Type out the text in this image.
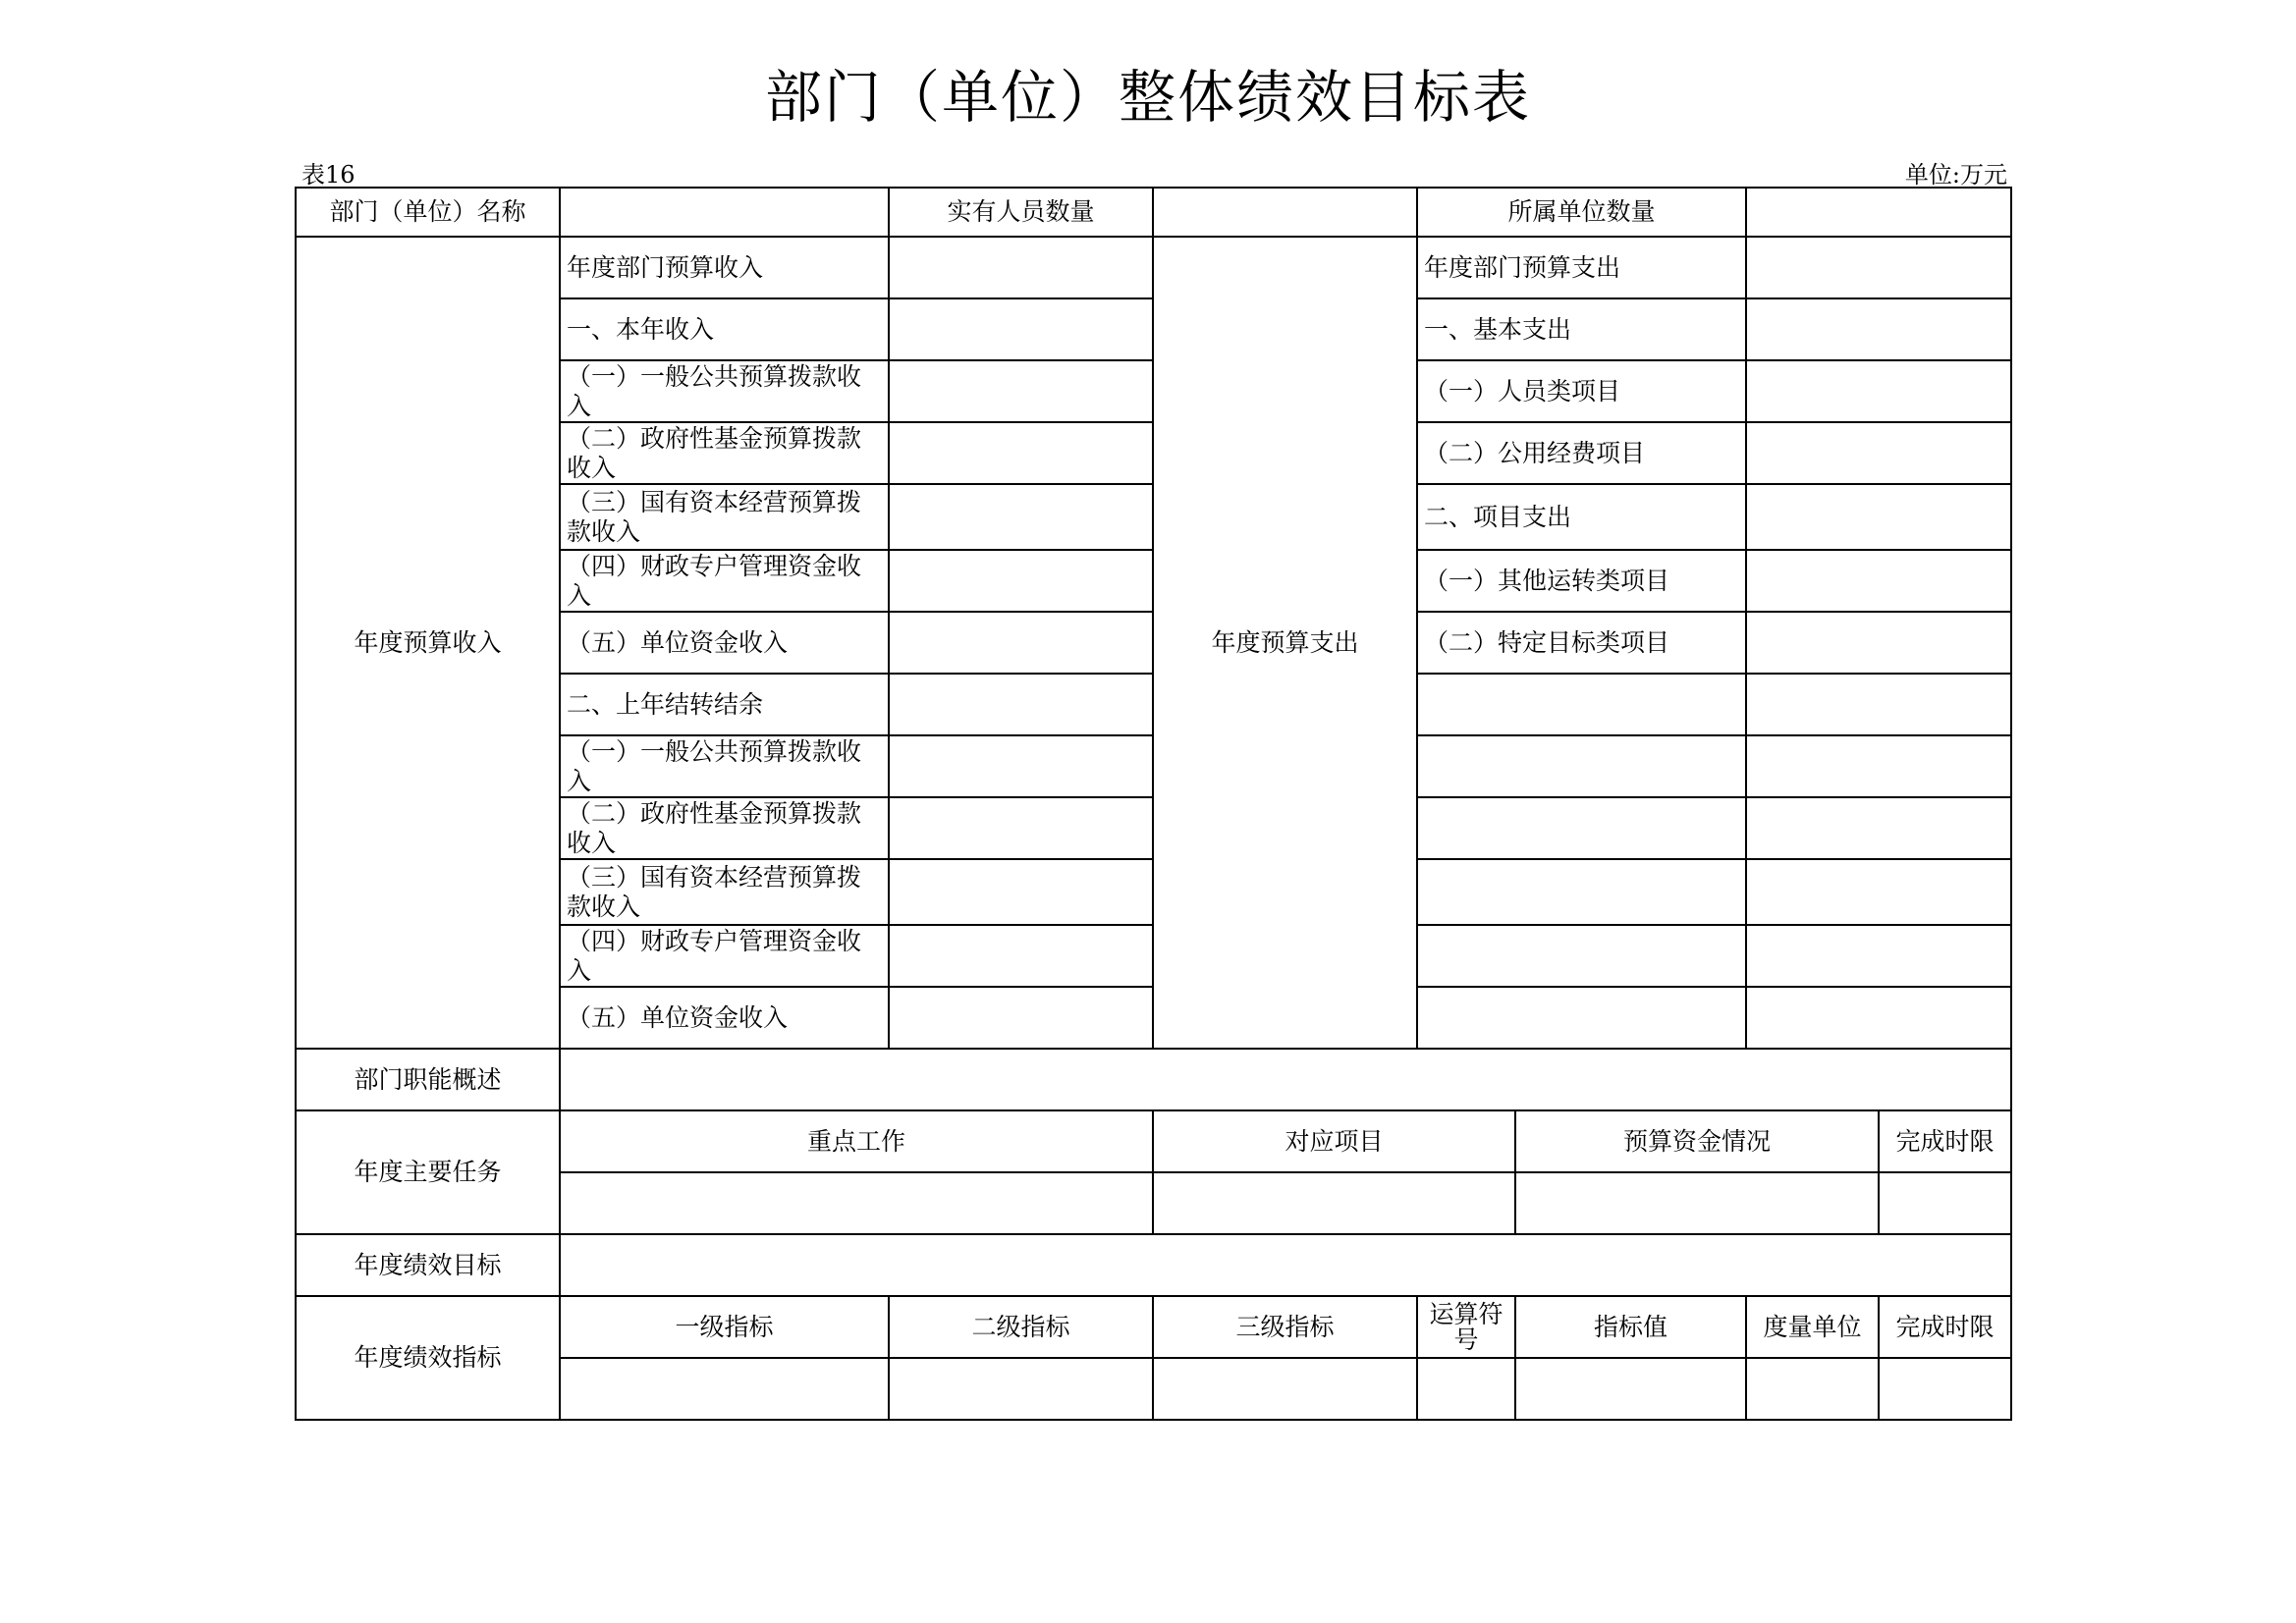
部门（单位）整体绩效目标表
表16	单位:万元
部门（单位）名称		实有人员数量		所属单位数量			
年度预算收入	年度部门预算收入		年度预算支出	年度部门预算支出			
	一、本年收入			一、基本支出			
	（一）一般公共预算拨款收入			（一）人员类项目			
	（二）政府性基金预算拨款收入			（二）公用经费项目			
	（三）国有资本经营预算拨款收入			二、项目支出			
	（四）财政专户管理资金收入			（一）其他运转类项目			
	（五）单位资金收入			（二）特定目标类项目			
	二、上年结转结余						
	（一）一般公共预算拨款收入						
	（二）政府性基金预算拨款收入						
	（三）国有资本经营预算拨款收入						
	（四）财政专户管理资金收入						
	（五）单位资金收入						
部门职能概述							
年度主要任务	重点工作		对应项目		预算资金情况		完成时限

年度绩效目标							
年度绩效指标	一级指标	二级指标	三级指标	运算符号	指标值	度量单位	完成时限
